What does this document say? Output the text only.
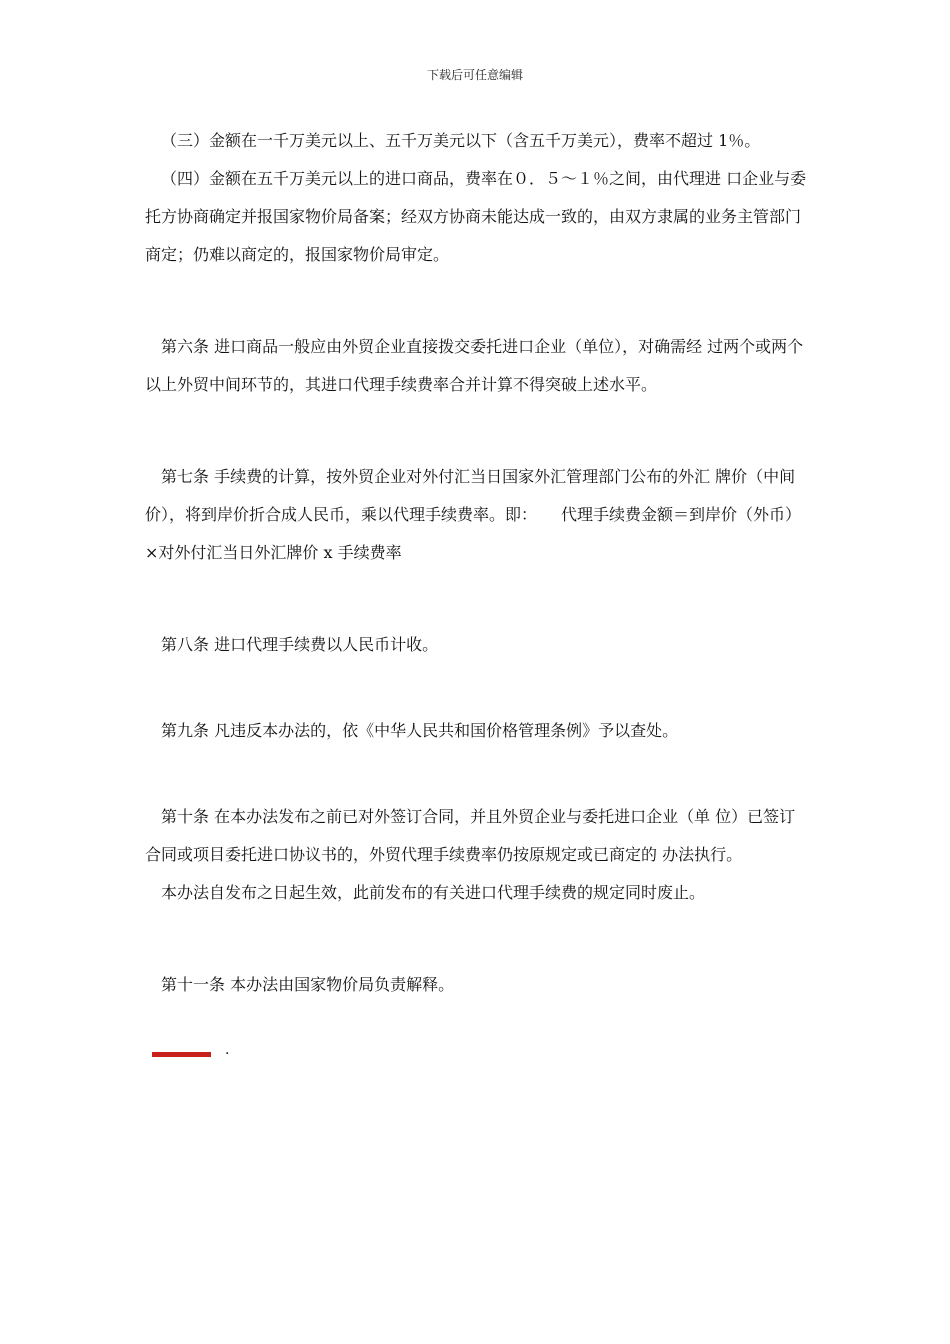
下载后可任意编辑

（三）金额在一千万美元以上、五千万美元以下（含五千万美元），费率不超过 1％。

（四）金额在五千万美元以上的进口商品，费率在０．５～１％之间，由代理进 口企业与委托方协商确定并报国家物价局备案；经双方协商未能达成一致的，由双方隶属的业务主管部门商定；仍难以商定的，报国家物价局审定。

第六条 进口商品一般应由外贸企业直接拨交委托进口企业（单位），对确需经 过两个或两个以上外贸中间环节的，其进口代理手续费率合并计算不得突破上述水平。

第七条 手续费的计算，按外贸企业对外付汇当日国家外汇管理部门公布的外汇 牌价（中间价），将到岸价折合成人民币，乘以代理手续费率。即：　　代理手续费金额＝到岸价（外币）×对外付汇当日外汇牌价 x 手续费率

第八条 进口代理手续费以人民币计收。

第九条 凡违反本办法的，依《中华人民共和国价格管理条例》予以查处。

第十条 在本办法发布之前已对外签订合同，并且外贸企业与委托进口企业（单 位）已签订合同或项目委托进口协议书的，外贸代理手续费率仍按原规定或已商定的 办法执行。

本办法自发布之日起生效，此前发布的有关进口代理手续费的规定同时废止。

第十一条 本办法由国家物价局负责解释。

.
